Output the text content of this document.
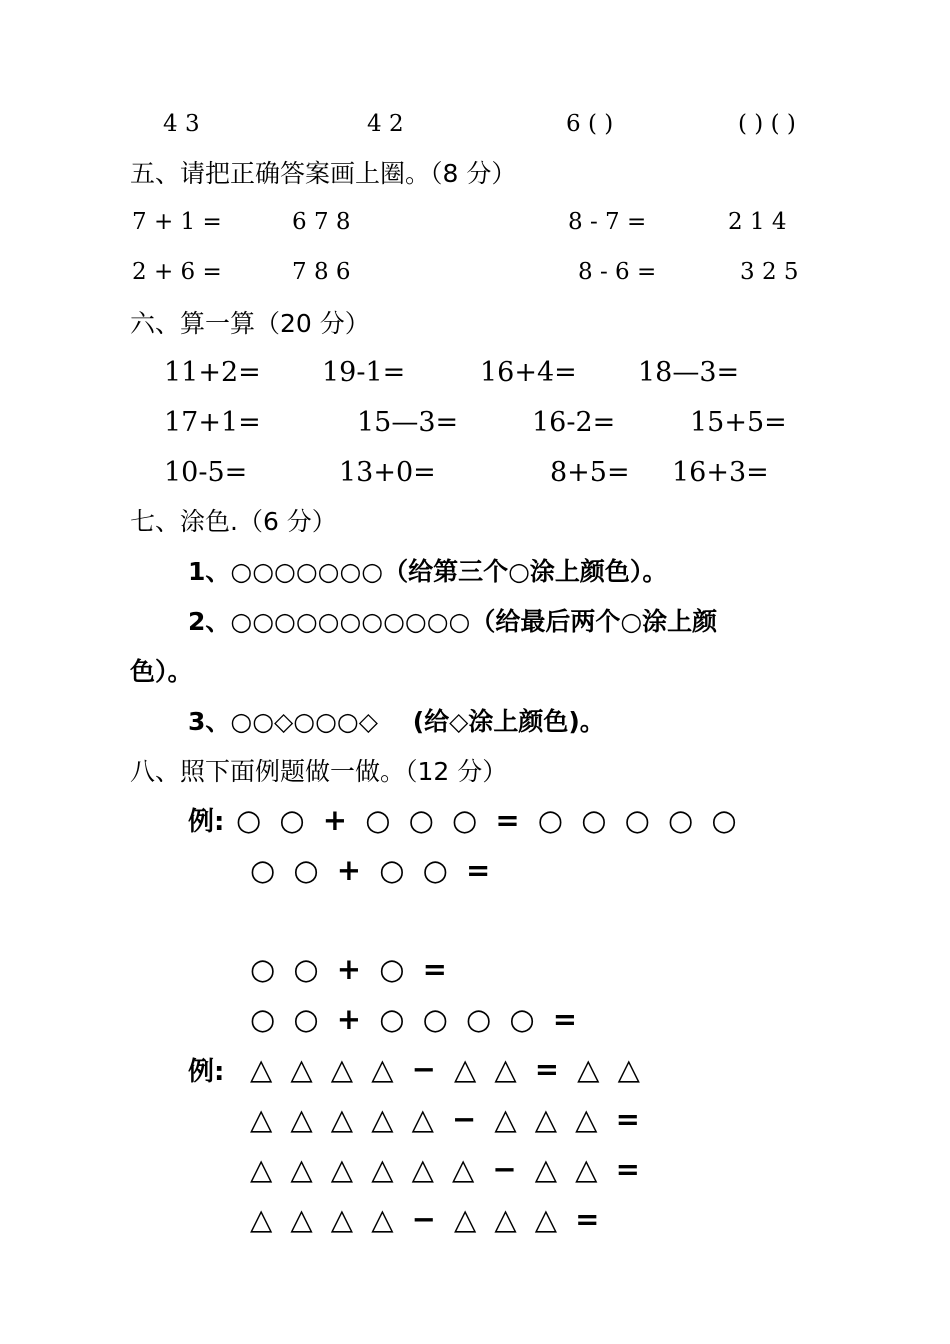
4 3	4 2	6 ( )	( ) ( )
五、请把正确答案画上圈。（8 分）
7 + 1 =	6 7 8	8 - 7 =	2 1 4
2 + 6 =	7 8 6	8 - 6 =	3 2 5
六、算一算（20 分）
11+2= 19-1=	16+4= 18—3=
17+1=	15—3=	16-2=	15+5=
10-5=	13+0=	8+5= 16+3=
七、涂色.（6 分）
1、○○○○○○○（给第三个○涂上颜色）。
2、○○○○○○○○○○○（给最后两个○涂上颜
色）。
3、○○◇○○○◇    (给◇涂上颜色)。
八、照下面例题做一做。（12 分）
例: ○ ○ + ○ ○ ○ = ○ ○ ○ ○ ○
○ ○ + ○ ○ =
○ ○ + ○ =
○ ○ + ○ ○ ○ ○ =
例: △ △ △ △ − △ △ = △ △
△ △ △ △ △ − △ △ △ =
△ △ △ △ △ △ − △ △ =
△ △ △ △ − △ △ △ =
